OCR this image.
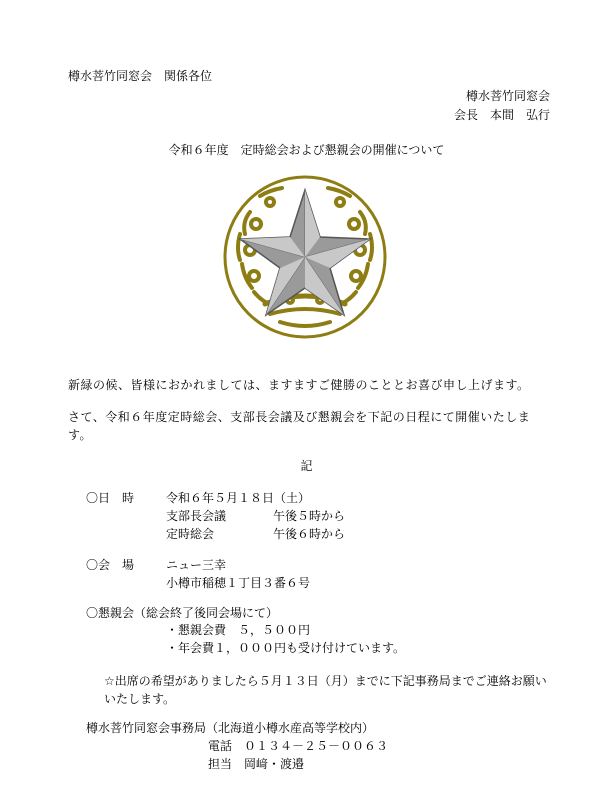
樽水菩竹同窓会　関係各位
樽水菩竹同窓会
会長　本間　弘行
令和６年度　定時総会および懇親会の開催について
新緑の候、皆様におかれましては、ますますご健勝のこととお喜び申し上げます。
さて、令和６年度定時総会、支部長会議及び懇親会を下記の日程にて開催いたします。
記
〇日　時	令和６年５月１８日（土）
支部長会議	午後５時から
定時総会	午後６時から
〇会　場	ニュー三幸
小樽市稲穂１丁目３番６号
〇懇親会（総会終了後同会場にて）
・懇親会費　５，５００円
・年会費１，０００円も受け付けています。
☆出席の希望がありましたら５月１３日（月）までに下記事務局までご連絡お願いいたします。
樽水菩竹同窓会事務局（北海道小樽水産高等学校内）
電話　０１３４－２５－００６３
担当　岡﨑・渡邉
